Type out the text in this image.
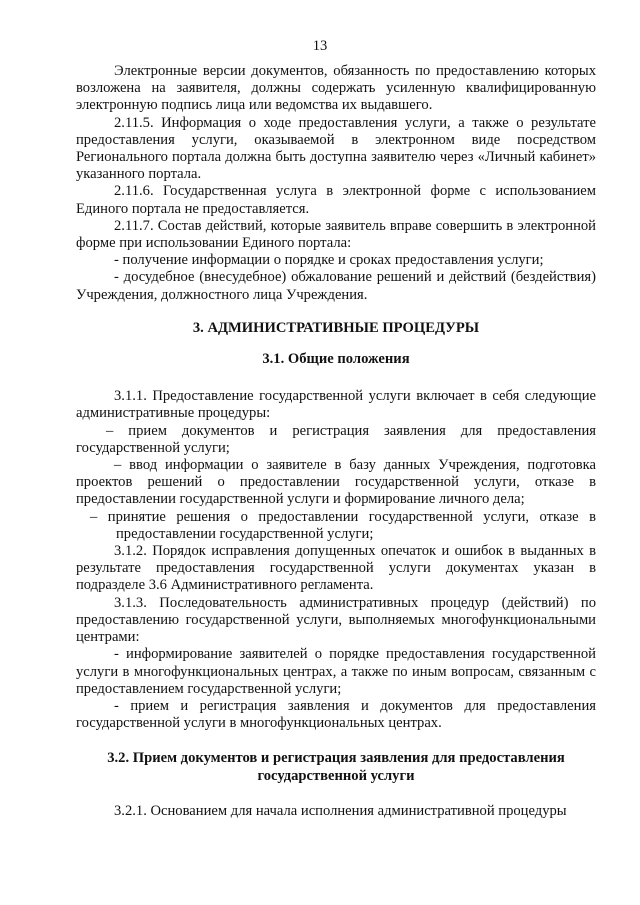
13

Электронные версии документов, обязанность по предоставлению которых возложена на заявителя, должны содержать усиленную квалифицированную электронную подпись лица или ведомства их выдавшего.

2.11.5. Информация о ходе предоставления услуги, а также о результате предоставления услуги, оказываемой в электронном виде посредством Регионального портала должна быть доступна заявителю через «Личный кабинет» указанного портала.

2.11.6. Государственная услуга в электронной форме с использованием Единого портала не предоставляется.

2.11.7. Состав действий, которые заявитель вправе совершить в электронной форме при использовании Единого портала:

- получение информации о порядке и сроках предоставления услуги;

- досудебное (внесудебное) обжалование решений и действий (бездействия) Учреждения, должностного лица Учреждения.

3. АДМИНИСТРАТИВНЫЕ ПРОЦЕДУРЫ
3.1. Общие положения

3.1.1. Предоставление государственной услуги включает в себя следующие административные процедуры:

– прием документов и регистрация заявления для предоставления государственной услуги;

– ввод информации о заявителе в базу данных Учреждения, подготовка проектов решений о предоставлении государственной услуги, отказе в предоставлении государственной услуги и формирование личного дела;

– принятие решения о предоставлении государственной услуги, отказе в предоставлении государственной услуги;

3.1.2. Порядок исправления допущенных опечаток и ошибок в выданных в результате предоставления государственной услуги документах указан в подразделе 3.6 Административного регламента.

3.1.3. Последовательность административных процедур (действий) по предоставлению государственной услуги, выполняемых многофункциональными центрами:

- информирование заявителей о порядке предоставления государственной услуги в многофункциональных центрах, а также по иным вопросам, связанным с предоставлением государственной услуги;

- прием и регистрация заявления и документов для предоставления государственной услуги в многофункциональных центрах.

3.2. Прием документов и регистрация заявления для предоставления государственной услуги

3.2.1. Основанием для начала исполнения административной процедуры
